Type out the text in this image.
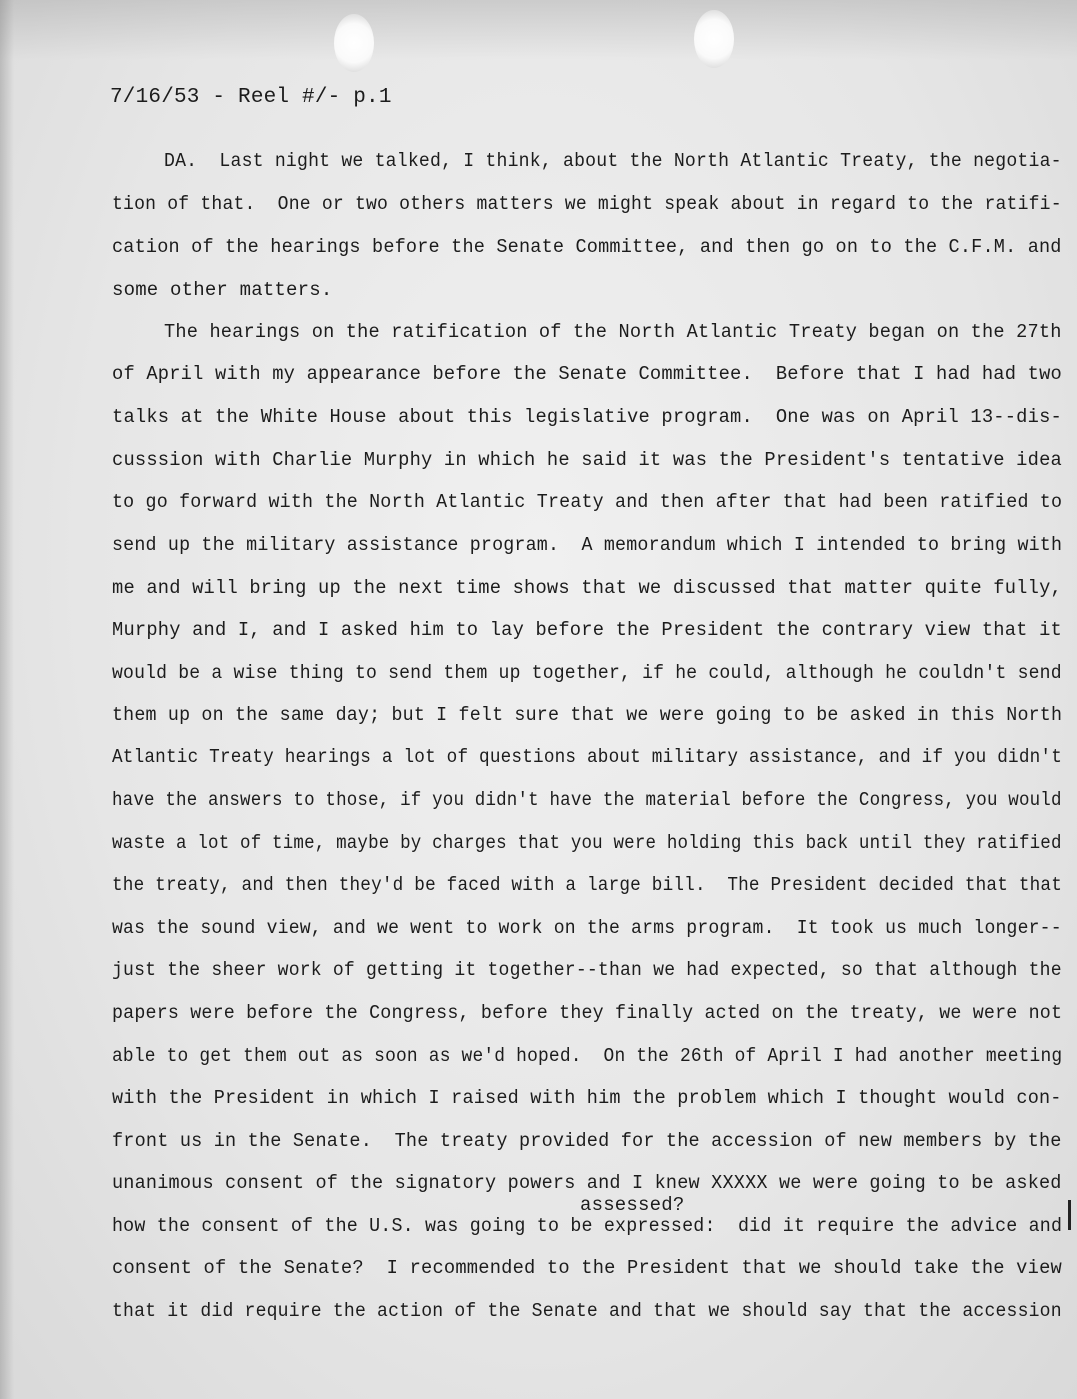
7/16/53 - Reel #/- p.1
DA.  Last night we talked, I think, about the North Atlantic Treaty, the negotia-
tion of that.  One or two others matters we might speak about in regard to the ratifi-
cation of the hearings before the Senate Committee, and then go on to the C.F.M. and
some other matters.
The hearings on the ratification of the North Atlantic Treaty began on the 27th
of April with my appearance before the Senate Committee.  Before that I had had two
talks at the White House about this legislative program.  One was on April 13--dis-
cusssion with Charlie Murphy in which he said it was the President's tentative idea
to go forward with the North Atlantic Treaty and then after that had been ratified to
send up the military assistance program.  A memorandum which I intended to bring with
me and will bring up the next time shows that we discussed that matter quite fully,
Murphy and I, and I asked him to lay before the President the contrary view that it
would be a wise thing to send them up together, if he could, although he couldn't send
them up on the same day; but I felt sure that we were going to be asked in this North
Atlantic Treaty hearings a lot of questions about military assistance, and if you didn't
have the answers to those, if you didn't have the material before the Congress, you would
waste a lot of time, maybe by charges that you were holding this back until they ratified
the treaty, and then they'd be faced with a large bill.  The President decided that that
was the sound view, and we went to work on the arms program.  It took us much longer--
just the sheer work of getting it together--than we had expected, so that although the
papers were before the Congress, before they finally acted on the treaty, we were not
able to get them out as soon as we'd hoped.  On the 26th of April I had another meeting
with the President in which I raised with him the problem which I thought would con-
front us in the Senate.  The treaty provided for the accession of new members by the
unanimous consent of the signatory powers and I knew XXXXX we were going to be asked
how the consent of the U.S. was going to be expressed:  did it require the advice and
consent of the Senate?  I recommended to the President that we should take the view
that it did require the action of the Senate and that we should say that the accession
assessed?
